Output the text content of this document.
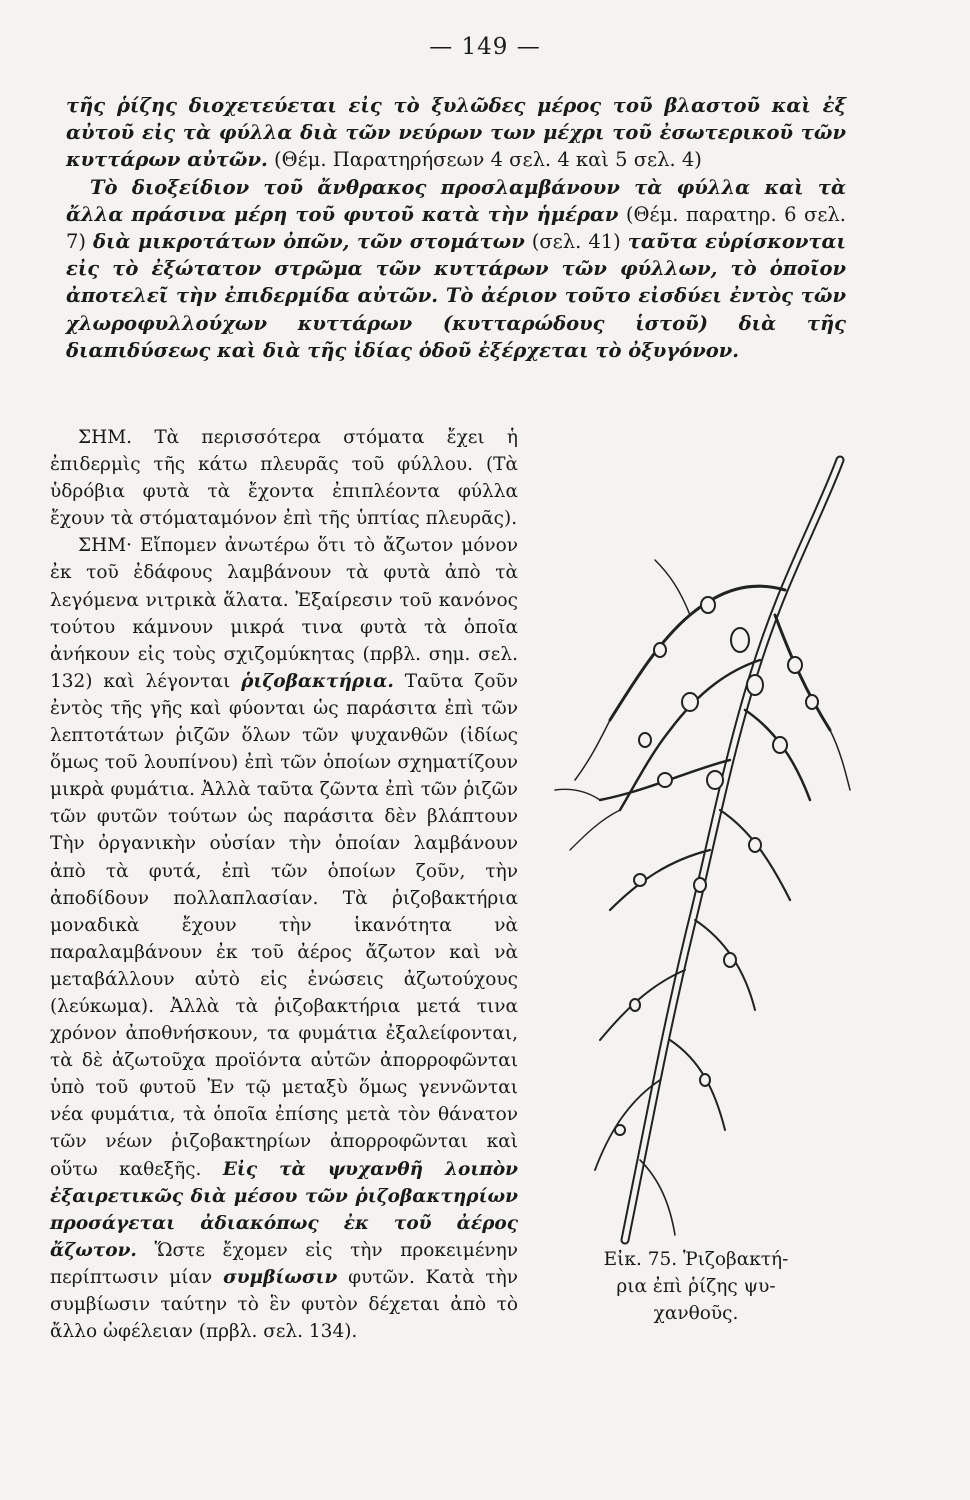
— 149 —

τῆς ῥίζης διοχετεύεται εἰς τὸ ξυλῶδες μέρος τοῦ βλαστοῦ καὶ ἐξ αὐτοῦ εἰς τὰ φύλλα διὰ τῶν νεύρων των μέχρι τοῦ ἐσωτερικοῦ τῶν κυττάρων αὐτῶν. (Θέμ. Παρατηρήσεων 4 σελ. 4 καὶ 5 σελ. 4)

Τὸ διοξείδιον τοῦ ἄνθρακος προσλαμβάνουν τὰ φύλλα καὶ τὰ ἄλλα πράσινα μέρη τοῦ φυτοῦ κατὰ τὴν ἡμέραν (Θέμ. παρατηρ. 6 σελ. 7) διὰ μικροτάτων ὀπῶν, τῶν στομάτων (σελ. 41) ταῦτα εὑρίσκονται εἰς τὸ ἐξώτατον στρῶμα τῶν κυττάρων τῶν φύλλων, τὸ ὁποῖον ἀποτελεῖ τὴν ἐπιδερμίδα αὐτῶν. Τὸ ἀέριον τοῦτο εἰσδύει ἐντὸς τῶν χλωροφυλλούχων κυττάρων (κυτταρώδους ἱστοῦ) διὰ τῆς διαπιδύσεως καὶ διὰ τῆς ἰδίας ὁδοῦ ἐξέρχεται τὸ ὀξυγόνον.

ΣΗΜ. Τὰ περισσότερα στόματα ἔχει ἡ ἐπιδερμὶς τῆς κάτω πλευρᾶς τοῦ φύλλου. (Τὰ ὑδρόβια φυτὰ τὰ ἔχοντα ἐπιπλέοντα φύλλα ἔχουν τὰ στόματαμόνον ἐπὶ τῆς ὑπτίας πλευρᾶς).

ΣΗΜ· Εἴπομεν ἀνωτέρω ὅτι τὸ ἄζωτον μόνον ἐκ τοῦ ἐδάφους λαμβάνουν τὰ φυτὰ ἀπὸ τὰ λεγόμενα νιτρικὰ ἅλατα. Ἐξαίρεσιν τοῦ κανόνος τούτου κάμνουν μικρά τινα φυτὰ τὰ ὁποῖα ἀνήκουν εἰς τοὺς σχιζομύκητας (πρβλ. σημ. σελ. 132) καὶ λέγονται ῥιζοβακτήρια. Ταῦτα ζοῦν ἐντὸς τῆς γῆς καὶ φύονται ὡς παράσιτα ἐπὶ τῶν λεπτοτάτων ῥιζῶν ὅλων τῶν ψυχανθῶν (ἰδίως ὅμως τοῦ λουπίνου) ἐπὶ τῶν ὁποίων σχηματίζουν μικρὰ φυμάτια. Ἀλλὰ ταῦτα ζῶντα ἐπὶ τῶν ῥιζῶν τῶν φυτῶν τούτων ὡς παράσιτα δὲν βλάπτουν Τὴν ὀργανικὴν οὐσίαν τὴν ὁποίαν λαμβάνουν ἀπὸ τὰ φυτά, ἐπὶ τῶν ὁποίων ζοῦν, τὴν ἀποδίδουν πολλαπλασίαν. Τὰ ῥιζοβακτήρια μοναδικὰ ἔχουν τὴν ἱκανότητα νὰ παραλαμβάνουν ἐκ τοῦ ἀέρος ἄζωτον καὶ νὰ μεταβάλλουν αὐτὸ εἰς ἐνώσεις ἀζωτούχους (λεύκωμα). Ἀλλὰ τὰ ῥιζοβακτήρια μετά τινα χρόνον ἀποθνήσκουν, τα φυμάτια ἐξαλείφονται, τὰ δὲ ἀζωτοῦχα προϊόντα αὐτῶν ἀπορροφῶνται ὑπὸ τοῦ φυτοῦ Ἐν τῷ μεταξὺ ὅμως γεννῶνται νέα φυμάτια, τὰ ὁποῖα ἐπίσης μετὰ τὸν θάνατον τῶν νέων ῥιζοβακτηρίων ἀπορροφῶνται καὶ οὕτω καθεξῆς. Εἰς τὰ ψυχανθῆ λοιπὸν ἐξαιρετικῶς διὰ μέσου τῶν ῥιζοβακτηρίων προσάγεται ἀδιακόπως ἐκ τοῦ ἀέρος ἄζωτον. Ὥστε ἔχομεν εἰς τὴν προκειμένην περίπτωσιν μίαν συμβίωσιν φυτῶν. Κατὰ τὴν συμβίωσιν ταύτην τὸ ἓν φυτὸν δέχεται ἀπὸ τὸ ἄλλο ὠφέλειαν (πρβλ. σελ. 134).

Εἰκ. 75. Ῥιζοβακτή-

ρια ἐπὶ ῥίζης ψυ-

χανθοῦς.
